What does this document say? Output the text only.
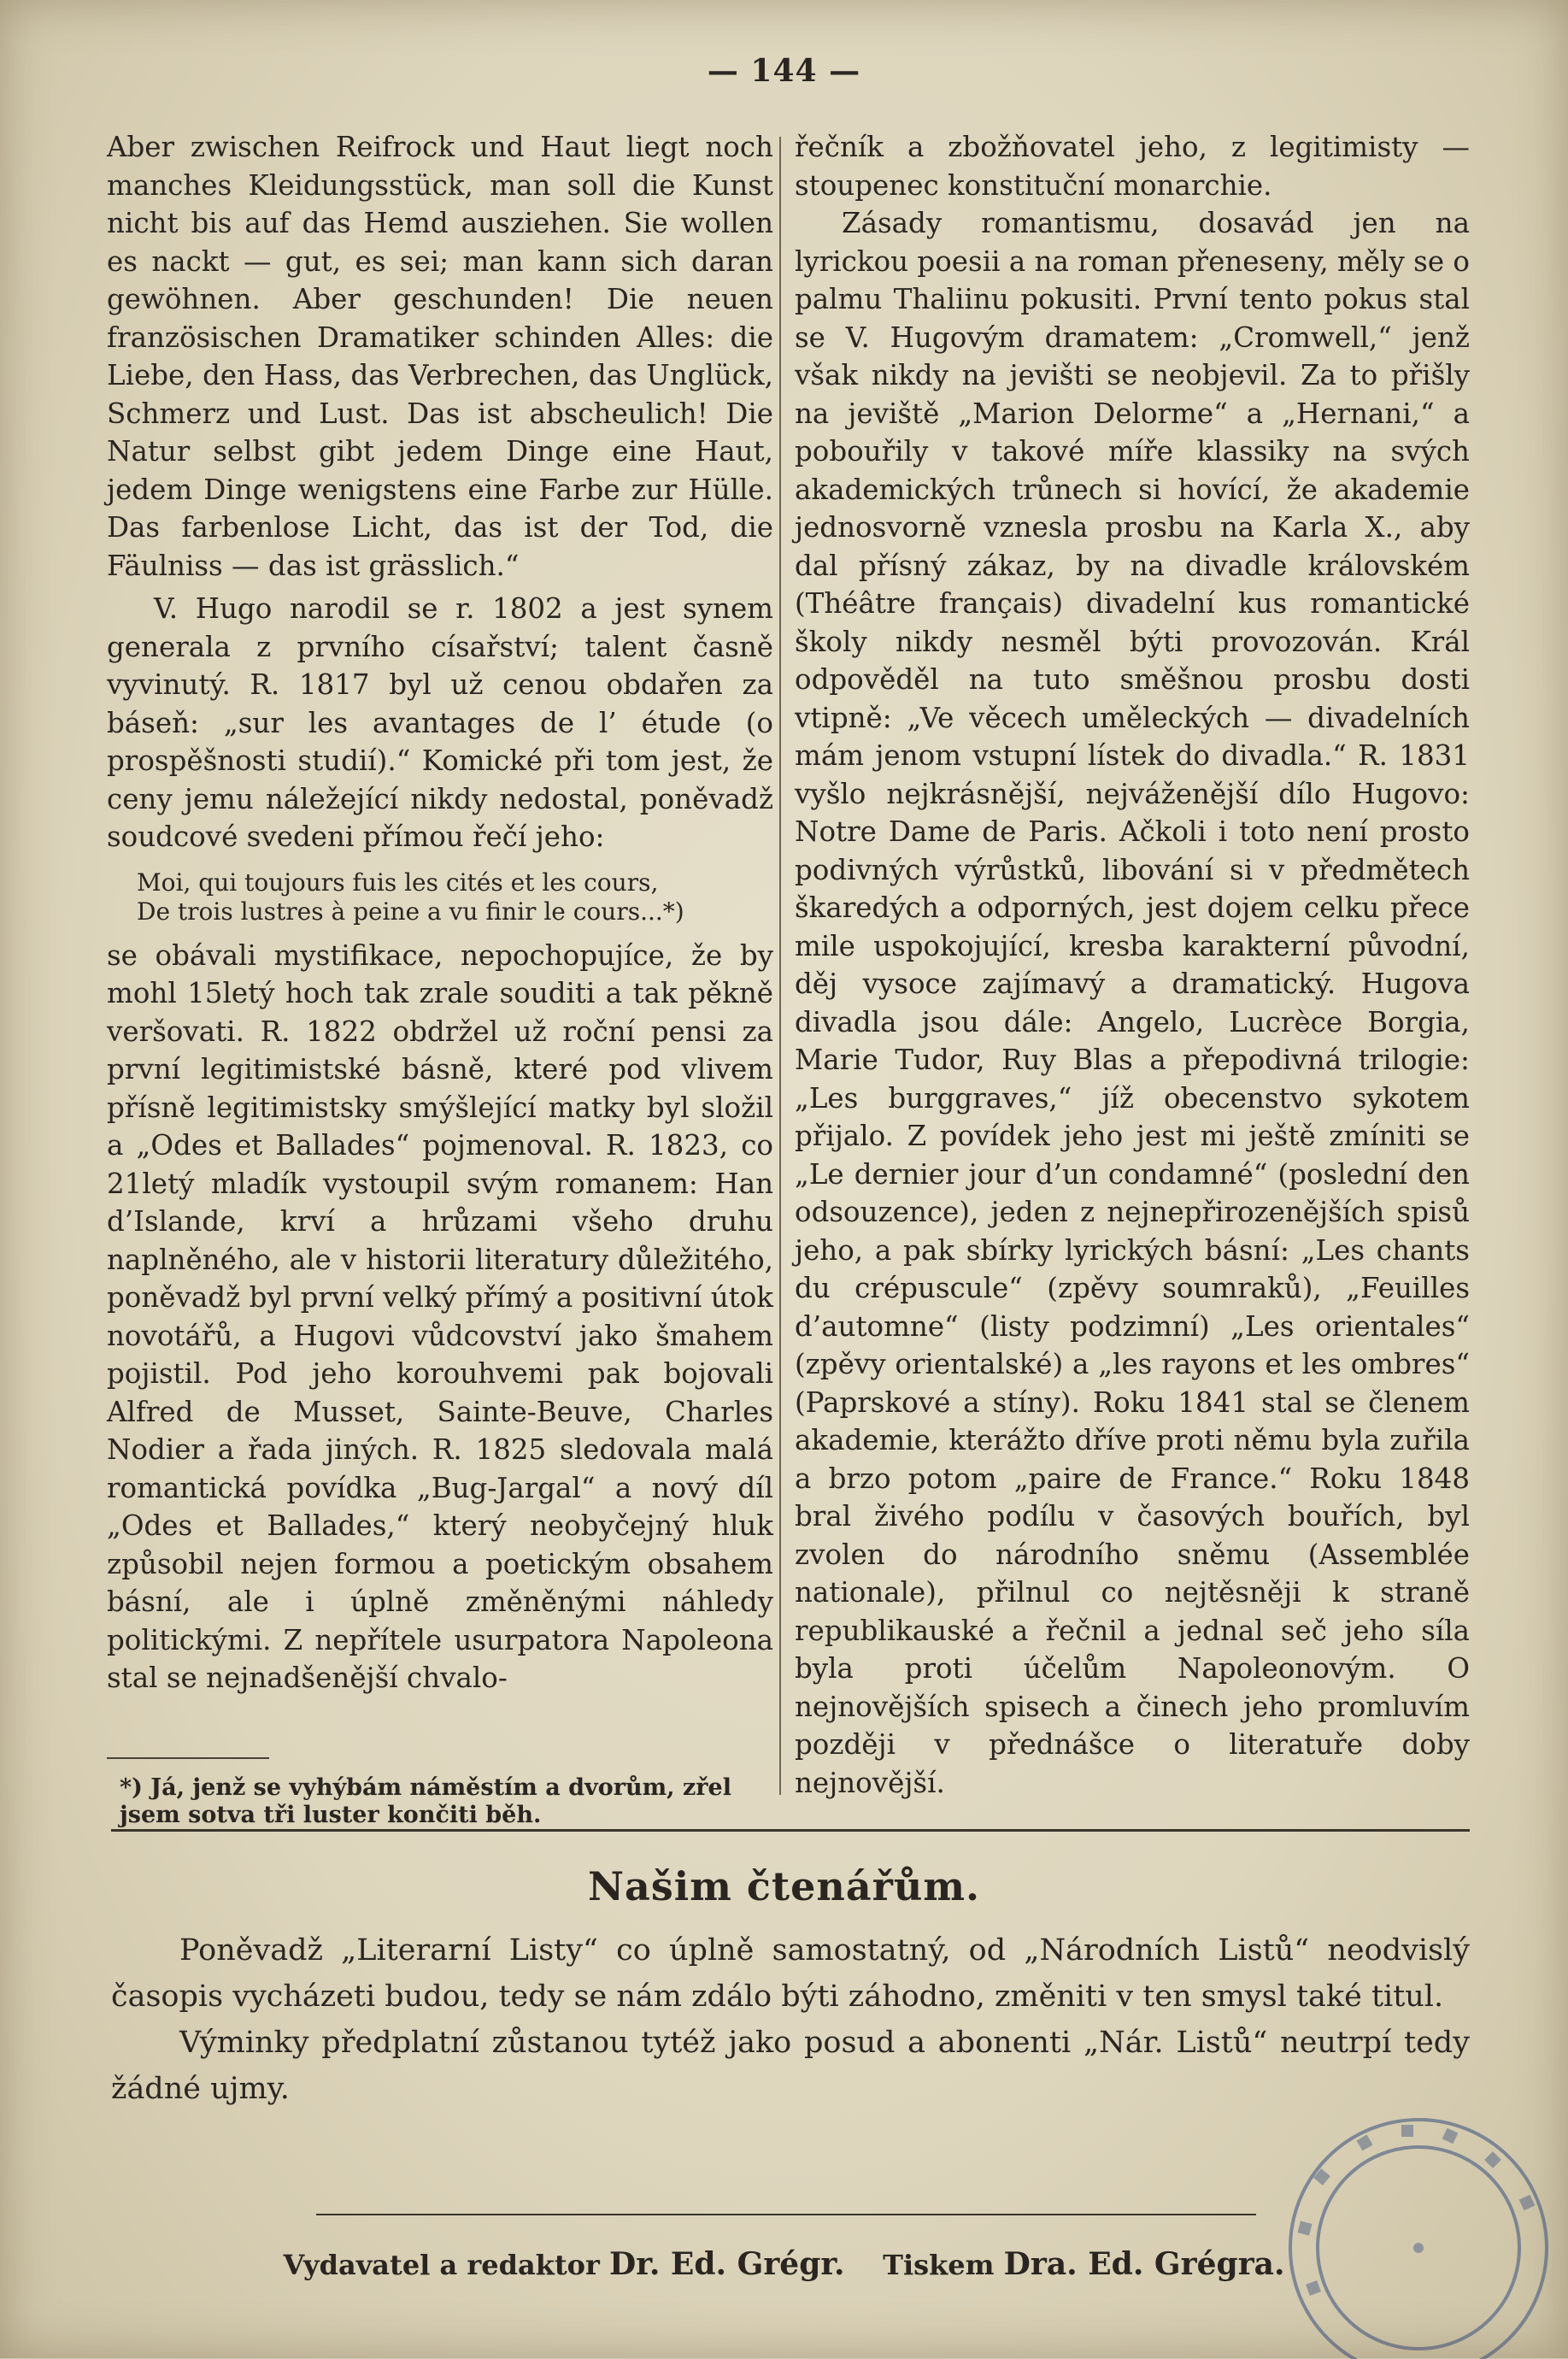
— 144 —

Aber zwischen Reifrock und Haut liegt noch manches Kleidungsstück, man soll die Kunst nicht bis auf das Hemd ausziehen. Sie wollen es nackt — gut, es sei; man kann sich daran gewöhnen. Aber geschunden! Die neuen französischen Dramatiker schinden Alles: die Liebe, den Hass, das Verbrechen, das Unglück, Schmerz und Lust. Das ist abscheulich! Die Natur selbst gibt jedem Dinge eine Haut, jedem Dinge wenigstens eine Farbe zur Hülle. Das farbenlose Licht, das ist der Tod, die Fäulniss — das ist grässlich.“

V. Hugo narodil se r. 1802 a jest synem generala z prvního císařství; talent časně vyvinutý. R. 1817 byl už cenou obdařen za báseň: „sur les avantages de l’ étude (o prospěšnosti studií).“ Komické při tom jest, že ceny jemu náležející nikdy nedostal, poněvadž soudcové svedeni přímou řečí jeho:

Moi, qui toujours fuis les cités et les cours,
De trois lustres à peine a vu finir le cours...*)

se obávali mystifikace, nepochopujíce, že by mohl 15letý hoch tak zrale souditi a tak pěkně veršovati. R. 1822 obdržel už roční pensi za první legitimistské básně, které pod vlivem přísně legitimistsky smýšlející matky byl složil a „Odes et Ballades“ pojmenoval. R. 1823, co 21letý mladík vystoupil svým romanem: Han d’Islande, krví a hrůzami všeho druhu naplněného, ale v historii literatury důležitého, poněvadž byl první velký přímý a positivní útok novotářů, a Hugovi vůdcovství jako šmahem pojistil. Pod jeho korouhvemi pak bojovali Alfred de Musset, Sainte-Beuve, Charles Nodier a řada jiných. R. 1825 sledovala malá romantická povídka „Bug-Jargal“ a nový díl „Odes et Ballades,“ který neobyčejný hluk způsobil nejen formou a poetickým obsahem básní, ale i úplně změněnými náhledy politickými. Z nepřítele usurpatora Napoleona stal se nejnadšenější chvalo-

*) Já, jenž se vyhýbám náměstím a dvorům, zřel jsem sotva tři luster končiti běh.

řečník a zbožňovatel jeho, z legitimisty — stoupenec konstituční monarchie.

Zásady romantismu, dosavád jen na lyrickou poesii a na roman přeneseny, měly se o palmu Thaliinu pokusiti. První tento pokus stal se V. Hugovým dramatem: „Cromwell,“ jenž však nikdy na jevišti se neobjevil. Za to přišly na jeviště „Marion Delorme“ a „Hernani,“ a pobouřily v takové míře klassiky na svých akademických trůnech si hovící, že akademie jednosvorně vznesla prosbu na Karla X., aby dal přísný zákaz, by na divadle královském (Théâtre français) divadelní kus romantické školy nikdy nesměl býti provozován. Král odpověděl na tuto směšnou prosbu dosti vtipně: „Ve věcech uměleckých — divadelních mám jenom vstupní lístek do divadla.“ R. 1831 vyšlo nejkrásnější, nejváženější dílo Hugovo: Notre Dame de Paris. Ačkoli i toto není prosto podivných výrůstků, libování si v předmětech škaredých a odporných, jest dojem celku přece mile uspokojující, kresba karakterní původní, děj vysoce zajímavý a dramatický. Hugova divadla jsou dále: Angelo, Lucrèce Borgia, Marie Tudor, Ruy Blas a přepodivná trilogie: „Les burggraves,“ jíž obecenstvo sykotem přijalo. Z povídek jeho jest mi ještě zmíniti se „Le dernier jour d’un condamné“ (poslední den odsouzence), jeden z nejnepřirozenějších spisů jeho, a pak sbírky lyrických básní: „Les chants du crépuscule“ (zpěvy soumraků), „Feuilles d’automne“ (listy podzimní) „Les orientales“ (zpěvy orientalské) a „les rayons et les ombres“ (Paprskové a stíny). Roku 1841 stal se členem akademie, kterážto dříve proti němu byla zuřila a brzo potom „paire de France.“ Roku 1848 bral živého podílu v časových bouřích, byl zvolen do národního sněmu (Assemblée nationale), přilnul co nejtěsněji k straně republikauské a řečnil a jednal seč jeho síla byla proti účelům Napoleonovým. O nejnovějších spisech a činech jeho promluvím později v přednášce o literatuře doby nejnovější.

Našim čtenářům.

Poněvadž „Literarní Listy“ co úplně samostatný, od „Národních Listů“ neodvislý časopis vycházeti budou, tedy se nám zdálo býti záhodno, změniti v ten smysl také titul.

Výminky předplatní zůstanou tytéž jako posud a abonenti „Nár. Listů“ neutrpí tedy žádné ujmy.

Vydavatel a redaktor Dr. Ed. Grégr. Tiskem Dra. Ed. Grégra.
